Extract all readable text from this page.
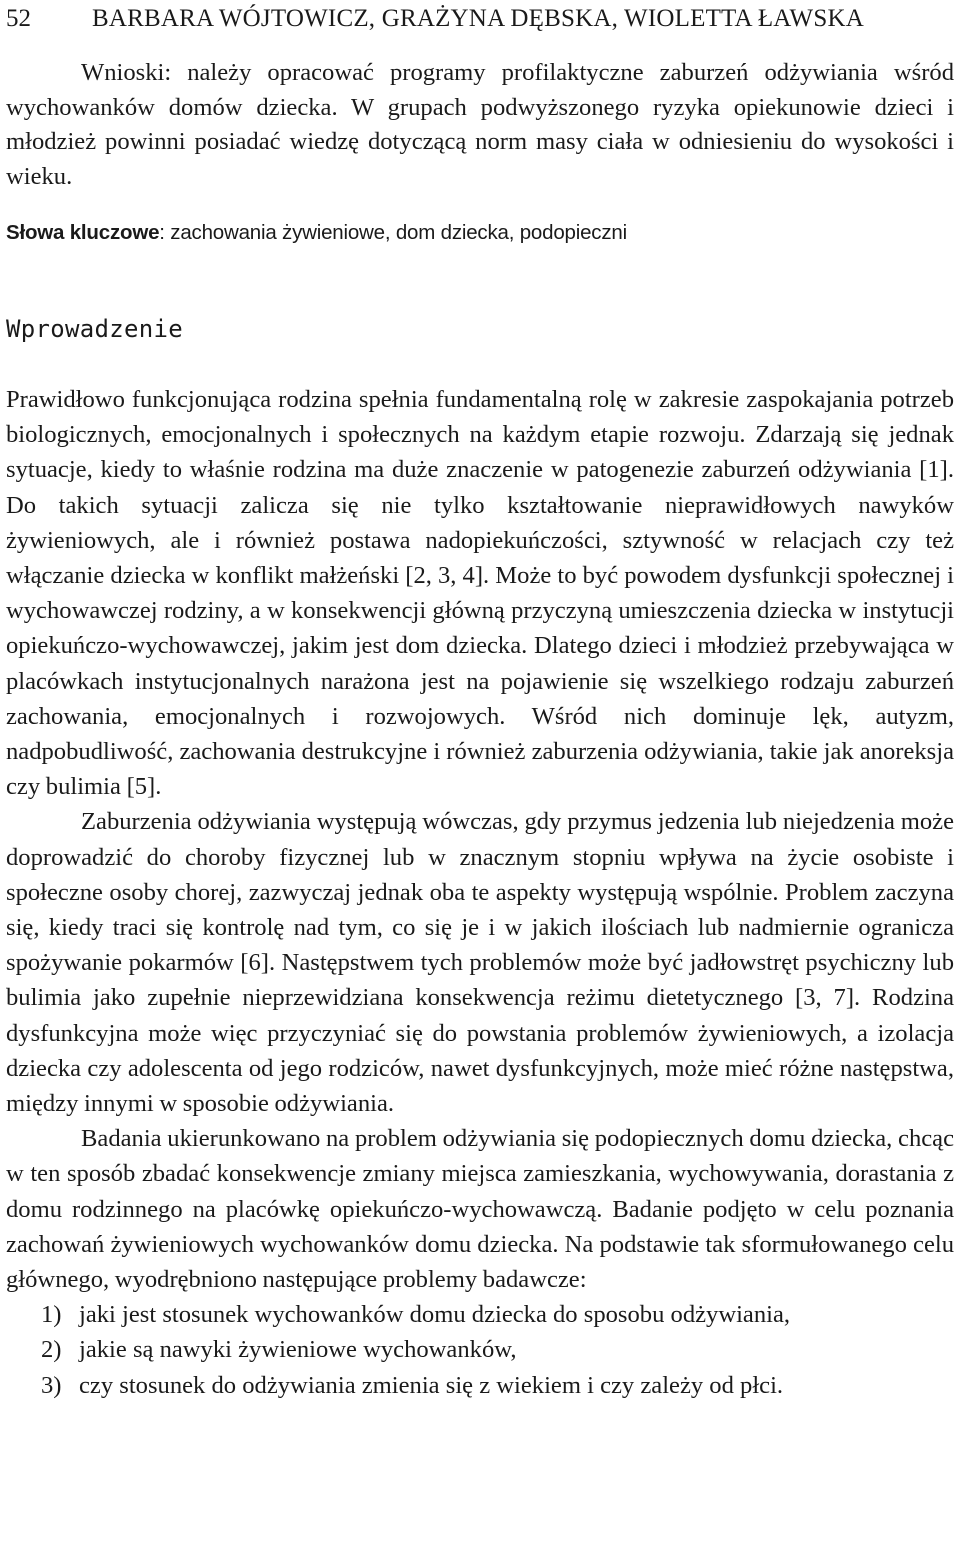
52 BARBARA WÓJTOWICZ, GRAŻYNA DĘBSKA, WIOLETTA ŁAWSKA

Wnioski: należy opracować programy profilaktyczne zaburzeń odżywiania wśród wychowanków domów dziecka. W grupach podwyższonego ryzyka opiekunowie dzieci i młodzież powinni posiadać wiedzę dotyczącą norm masy ciała w odniesieniu do wysokości i wieku.

Słowa kluczowe: zachowania żywieniowe, dom dziecka, podopieczni

Wprowadzenie

Prawidłowo funkcjonująca rodzina spełnia fundamentalną rolę w zakresie zaspokajania potrzeb biologicznych, emocjonalnych i społecznych na każdym etapie rozwoju. Zdarzają się jednak sytuacje, kiedy to właśnie rodzina ma duże znaczenie w patogenezie zaburzeń odżywiania [1]. Do takich sytuacji zalicza się nie tylko kształtowanie nieprawidłowych nawyków żywieniowych, ale i również postawa nadopiekuńczości, sztywność w relacjach czy też włączanie dziecka w konflikt małżeński [2, 3, 4]. Może to być powodem dysfunkcji społecznej i wychowawczej rodziny, a w konsekwencji główną przyczyną umieszczenia dziecka w instytucji opiekuńczo-wychowawczej, jakim jest dom dziecka. Dlatego dzieci i młodzież przebywająca w placówkach instytucjonalnych narażona jest na pojawienie się wszelkiego rodzaju zaburzeń zachowania, emocjonalnych i rozwojowych. Wśród nich dominuje lęk, autyzm, nadpobudliwość, zachowania destrukcyjne i również zaburzenia odżywiania, takie jak anoreksja czy bulimia [5].

Zaburzenia odżywiania występują wówczas, gdy przymus jedzenia lub niejedzenia może doprowadzić do choroby fizycznej lub w znacznym stopniu wpływa na życie osobiste i społeczne osoby chorej, zazwyczaj jednak oba te aspekty występują wspólnie. Problem zaczyna się, kiedy traci się kontrolę nad tym, co się je i w jakich ilościach lub nadmiernie ogranicza spożywanie pokarmów [6]. Następstwem tych problemów może być jadłowstręt psychiczny lub bulimia jako zupełnie nieprzewidziana konsekwencja reżimu dietetycznego [3, 7]. Rodzina dysfunkcyjna może więc przyczyniać się do powstania problemów żywieniowych, a izolacja dziecka czy adolescenta od jego rodziców, nawet dysfunkcyjnych, może mieć różne następstwa, między innymi w sposobie odżywiania.

Badania ukierunkowano na problem odżywiania się podopiecznych domu dziecka, chcąc w ten sposób zbadać konsekwencje zmiany miejsca zamieszkania, wychowywania, dorastania z domu rodzinnego na placówkę opiekuńczo-wychowawczą. Badanie podjęto w celu poznania zachowań żywieniowych wychowanków domu dziecka. Na podstawie tak sformułowanego celu głównego, wyodrębniono następujące problemy badawcze:

1) jaki jest stosunek wychowanków domu dziecka do sposobu odżywiania,
2) jakie są nawyki żywieniowe wychowanków,
3) czy stosunek do odżywiania zmienia się z wiekiem i czy zależy od płci.
